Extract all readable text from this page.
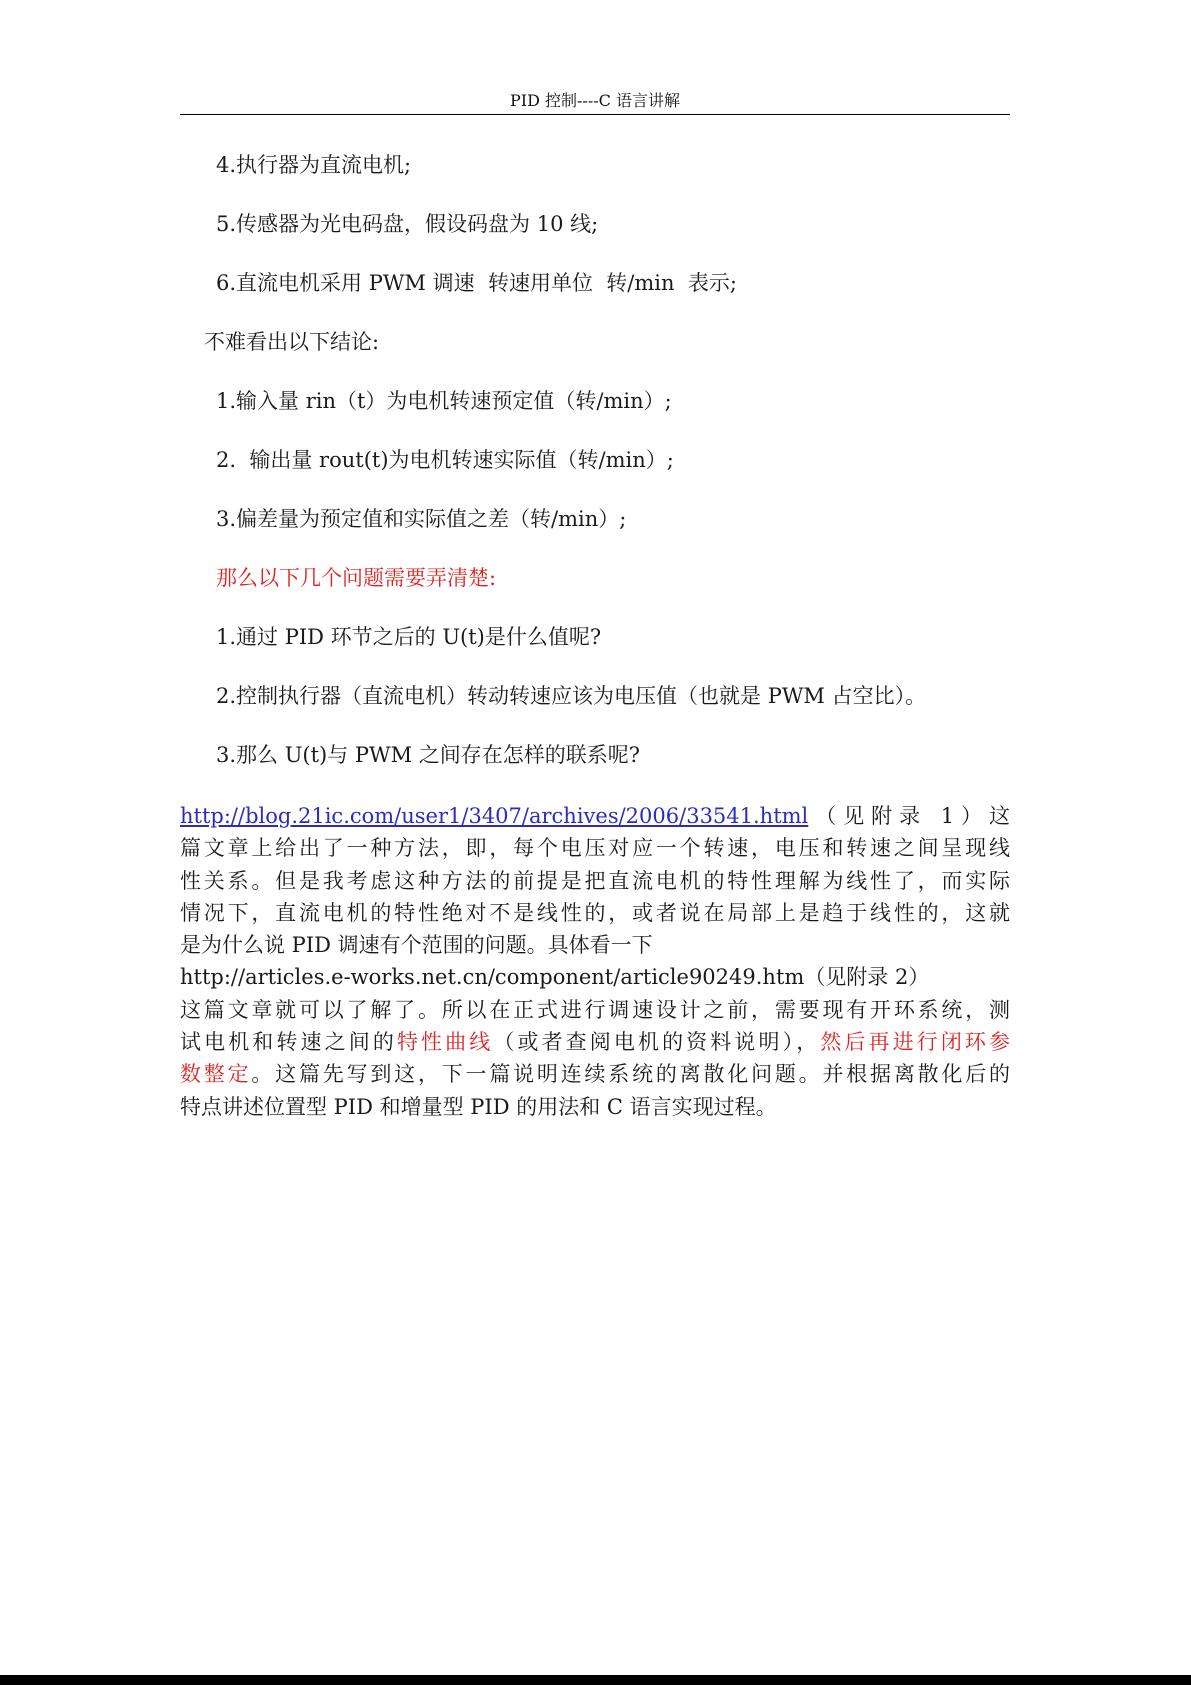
PID 控制----C 语言讲解
4.执行器为直流电机;
5.传感器为光电码盘，假设码盘为 10 线;
6.直流电机采用 PWM 调速  转速用单位  转/min  表示;
不难看出以下结论:
1.输入量 rin（t）为电机转速预定值（转/min）;
2.  输出量 rout(t)为电机转速实际值（转/min）;
3.偏差量为预定值和实际值之差（转/min）;
那么以下几个问题需要弄清楚:
1.通过 PID 环节之后的 U(t)是什么值呢?
2.控制执行器（直流电机）转动转速应该为电压值（也就是 PWM 占空比）。
3.那么 U(t)与 PWM 之间存在怎样的联系呢?
http://blog.21ic.com/user1/3407/archives/2006/33541.html（见附录 1）这
篇文章上给出了一种方法，即，每个电压对应一个转速，电压和转速之间呈现线
性关系。但是我考虑这种方法的前提是把直流电机的特性理解为线性了，而实际
情况下，直流电机的特性绝对不是线性的，或者说在局部上是趋于线性的，这就
是为什么说 PID 调速有个范围的问题。具体看一下
http://articles.e-works.net.cn/component/article90249.htm（见附录 2）
这篇文章就可以了解了。所以在正式进行调速设计之前，需要现有开环系统，测
试电机和转速之间的特性曲线（或者查阅电机的资料说明），然后再进行闭环参
数整定。这篇先写到这，下一篇说明连续系统的离散化问题。并根据离散化后的
特点讲述位置型 PID 和增量型 PID 的用法和 C 语言实现过程。
